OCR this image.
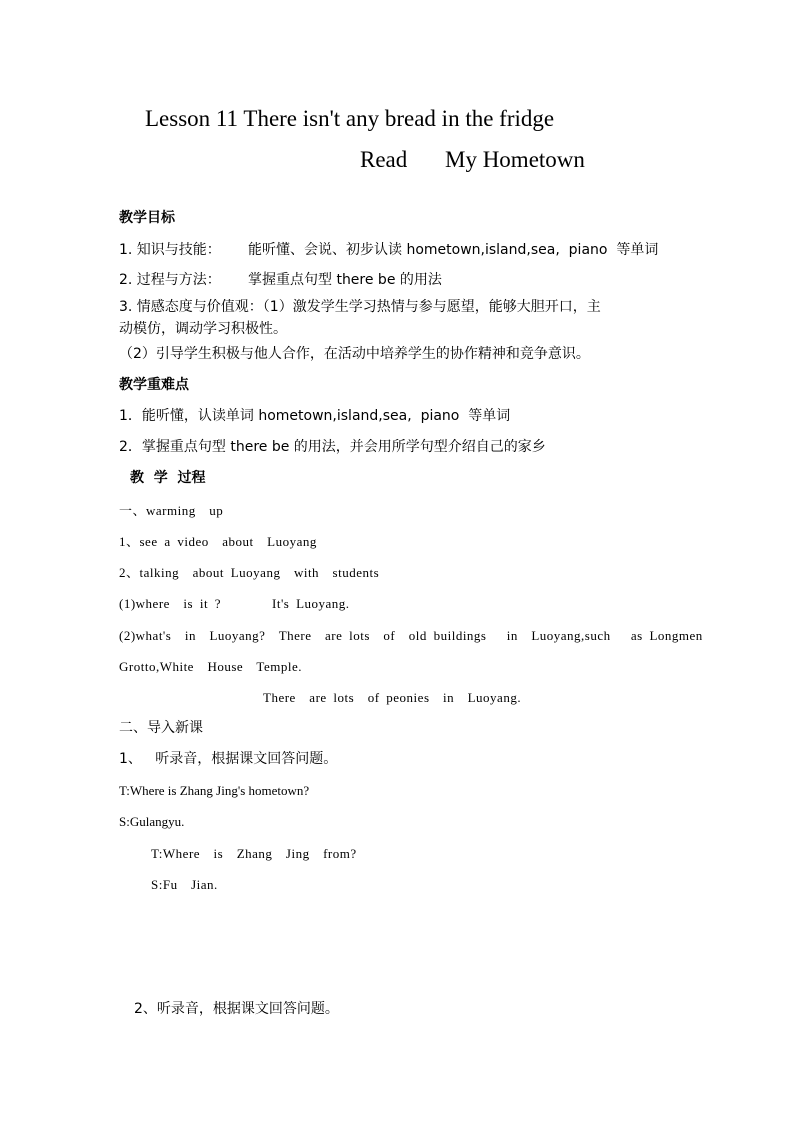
Lesson 11 There isn't any bread in the fridge
Read My Hometown
教学目标
1. 知识与技能： 能听懂、会说、初步认读 hometown,island,sea,  piano  等单词
2. 过程与方法： 掌握重点句型 there be 的用法
3. 情感态度与价值观：（1）激发学生学习热情与参与愿望，能够大胆开口，主
动模仿，调动学习积极性。
（2）引导学生积极与他人合作，在活动中培养学生的协作精神和竞争意识。
教学重难点
1．能听懂，认读单词 hometown,island,sea,  piano  等单词
2．掌握重点句型 there be 的用法，并会用所学句型介绍自己的家乡
教  学  过程
一、warming  up
1、see a video  about  Luoyang
2、talking  about Luoyang  with  students
(1)where  is it ?	It's Luoyang.
(2)what's  in  Luoyang?  There  are lots  of  old buildings   in  Luoyang,such   as Longmen
Grotto,White  House  Temple.
There  are lots  of peonies  in  Luoyang.
二、导入新课
1、   听录音，根据课文回答问题。
T:Where is Zhang Jing's hometown?
S:Gulangyu.
T:Where  is  Zhang  Jing  from?
S:Fu  Jian.
2、听录音，根据课文回答问题。
